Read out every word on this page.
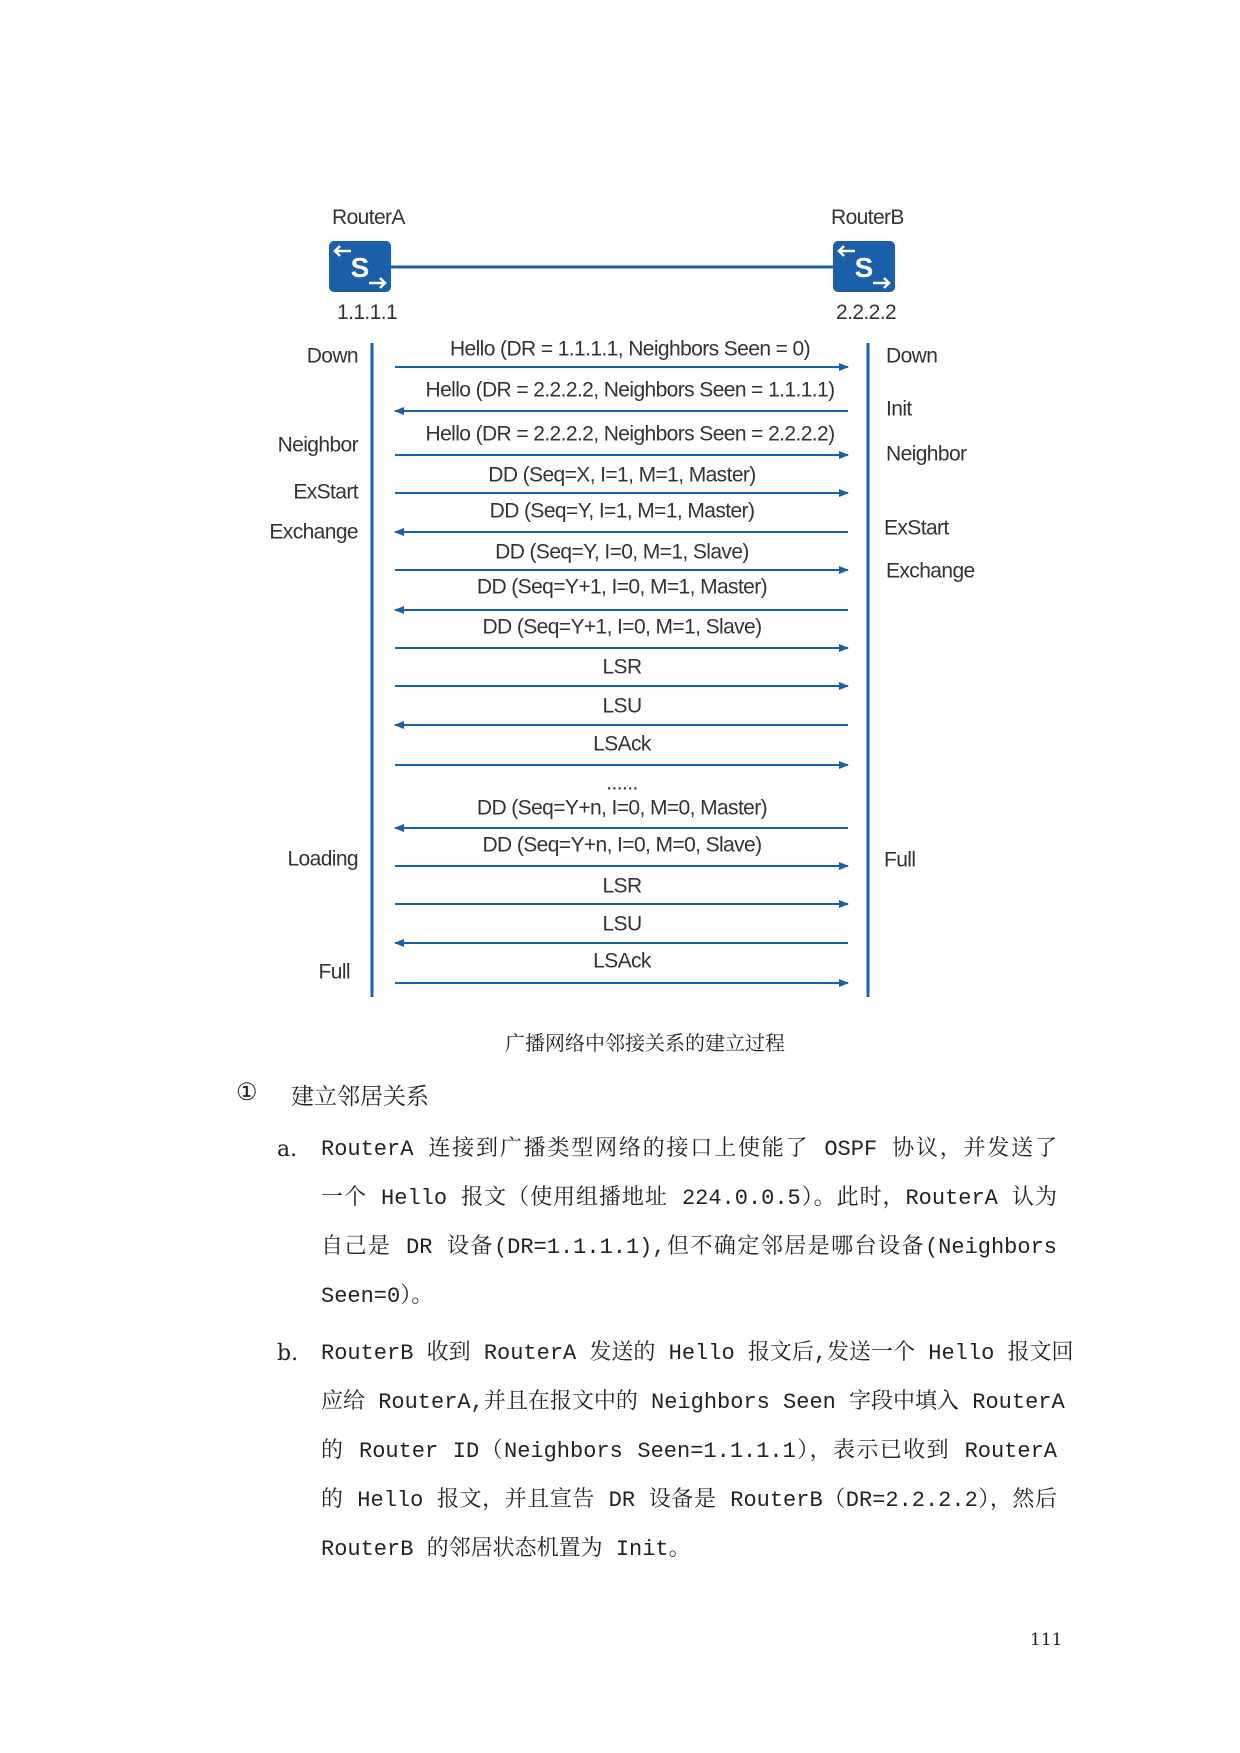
RouterA	RouterB
S	S
1.1.1.1	2.2.2.2
Down
Neighbor
ExStart
Exchange
Loading
Full
Down
Init
Neighbor
ExStart
Exchange
Full
Hello (DR = 1.1.1.1, Neighbors Seen = 0)
Hello (DR = 2.2.2.2, Neighbors Seen = 1.1.1.1)
Hello (DR = 2.2.2.2, Neighbors Seen = 2.2.2.2)
DD (Seq=X, I=1, M=1, Master)
DD (Seq=Y, I=1, M=1, Master)
DD (Seq=Y, I=0, M=1, Slave)
DD (Seq=Y+1, I=0, M=1, Master)
DD (Seq=Y+1, I=0, M=1, Slave)
LSR
LSU
LSAck
......
DD (Seq=Y+n, I=0, M=0, Master)
DD (Seq=Y+n, I=0, M=0, Slave)
LSR
LSU
LSAck
广播网络中邻接关系的建立过程
① 建立邻居关系
a. RouterA 连接到广播类型网络的接口上使能了 OSPF 协议，并发送了
一个 Hello 报文（使用组播地址 224.0.0.5）。此时，RouterA 认为
自己是 DR 设备(DR=1.1.1.1),但不确定邻居是哪台设备(Neighbors
Seen=0）。
b. RouterB 收到 RouterA 发送的 Hello 报文后,发送一个 Hello 报文回
应给 RouterA,并且在报文中的 Neighbors Seen 字段中填入 RouterA
的 Router ID（Neighbors Seen=1.1.1.1），表示已收到 RouterA
的 Hello 报文，并且宣告 DR 设备是 RouterB（DR=2.2.2.2），然后
RouterB 的邻居状态机置为 Init。
111
